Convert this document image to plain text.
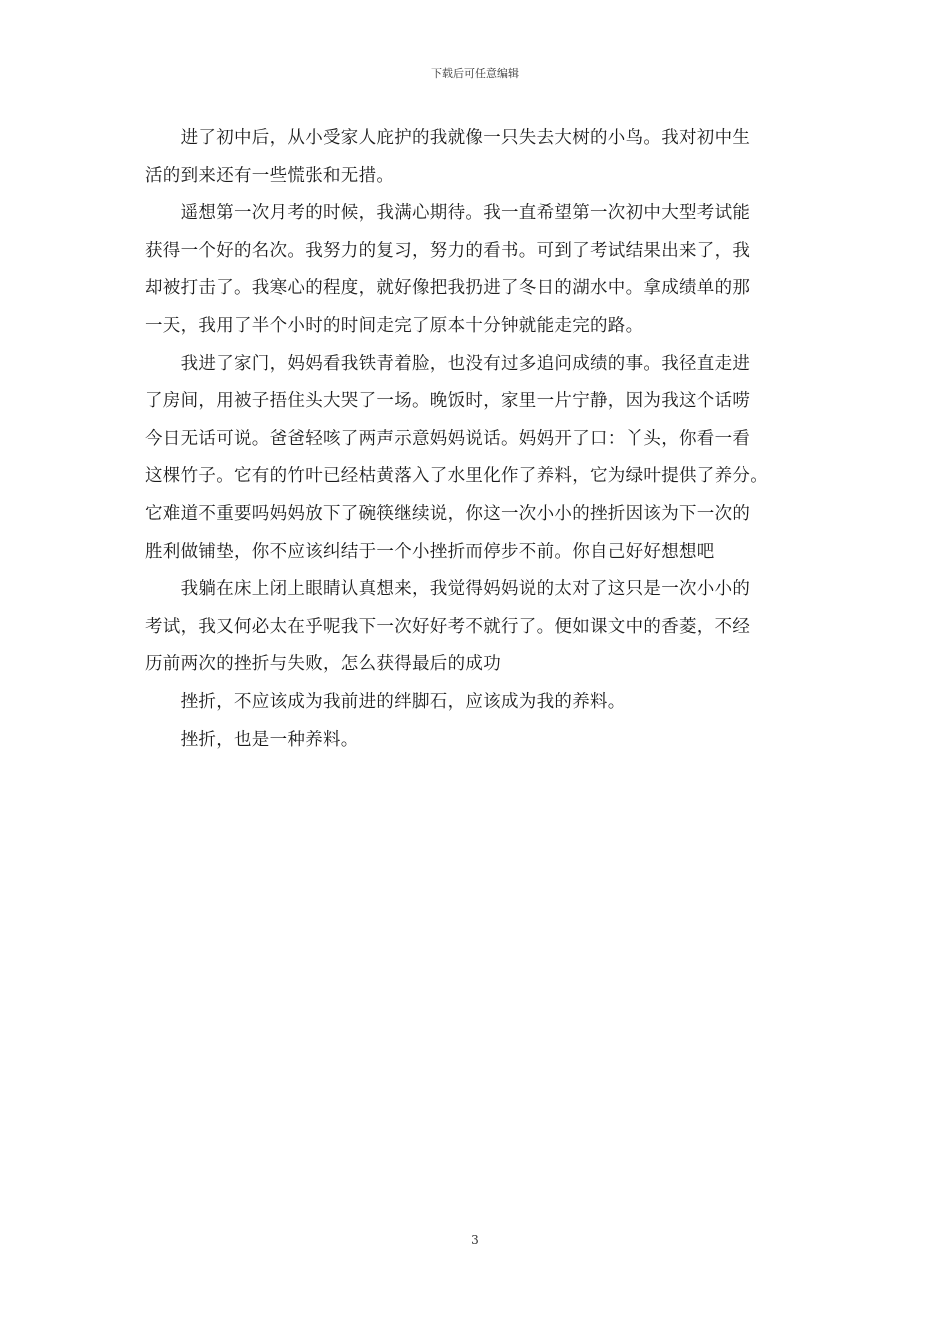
下载后可任意编辑

　　进了初中后，从小受家人庇护的我就像一只失去大树的小鸟。我对初中生
活的到来还有一些慌张和无措。

　　遥想第一次月考的时候，我满心期待。我一直希望第一次初中大型考试能
获得一个好的名次。我努力的复习，努力的看书。可到了考试结果出来了，我
却被打击了。我寒心的程度，就好像把我扔进了冬日的湖水中。拿成绩单的那
一天，我用了半个小时的时间走完了原本十分钟就能走完的路。

　　我进了家门，妈妈看我铁青着脸，也没有过多追问成绩的事。我径直走进
了房间，用被子捂住头大哭了一场。晚饭时，家里一片宁静，因为我这个话唠
今日无话可说。爸爸轻咳了两声示意妈妈说话。妈妈开了口：丫头，你看一看
这棵竹子。它有的竹叶已经枯黄落入了水里化作了养料，它为绿叶提供了养分。
它难道不重要吗妈妈放下了碗筷继续说，你这一次小小的挫折因该为下一次的
胜利做铺垫，你不应该纠结于一个小挫折而停步不前。你自己好好想想吧

　　我躺在床上闭上眼睛认真想来，我觉得妈妈说的太对了这只是一次小小的
考试，我又何必太在乎呢我下一次好好考不就行了。便如课文中的香菱，不经
历前两次的挫折与失败，怎么获得最后的成功

　　挫折，不应该成为我前进的绊脚石，应该成为我的养料。

　　挫折，也是一种养料。

3
